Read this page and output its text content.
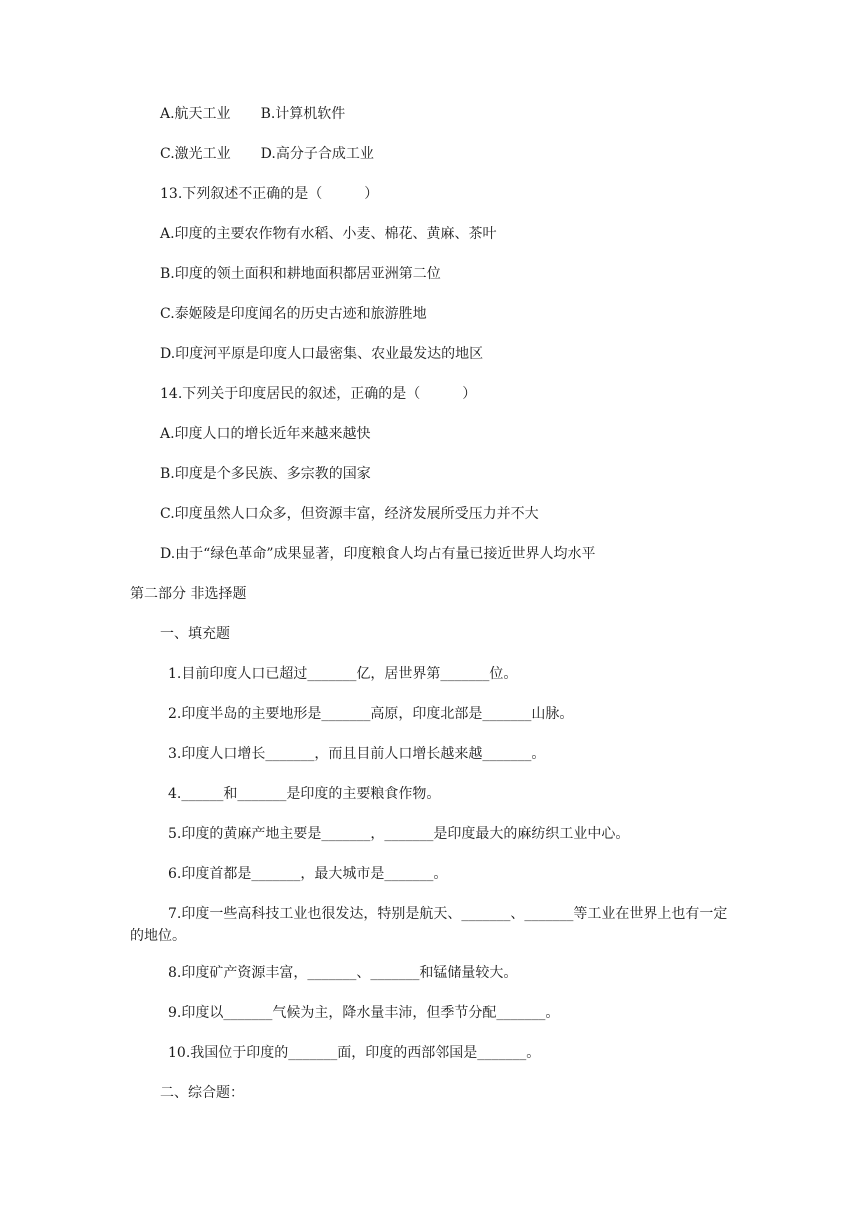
A.航天工业 B.计算机软件

C.激光工业 D.高分子合成工业

13.下列叙述不正确的是（　　　）

A.印度的主要农作物有水稻、小麦、棉花、黄麻、茶叶

B.印度的领土面积和耕地面积都居亚洲第二位

C.泰姬陵是印度闻名的历史古迹和旅游胜地

D.印度河平原是印度人口最密集、农业最发达的地区

14.下列关于印度居民的叙述，正确的是（　　　）

A.印度人口的增长近年来越来越快

B.印度是个多民族、多宗教的国家

C.印度虽然人口众多，但资源丰富，经济发展所受压力并不大

D.由于“绿色革命”成果显著，印度粮食人均占有量已接近世界人均水平

第二部分 非选择题

一、填充题

1.目前印度人口已超过_______亿，居世界第_______位。

2.印度半岛的主要地形是_______高原，印度北部是_______山脉。

3.印度人口增长_______，而且目前人口增长越来越_______。

4.______和_______是印度的主要粮食作物。

5.印度的黄麻产地主要是_______，_______是印度最大的麻纺织工业中心。

6.印度首都是_______，最大城市是_______。

7.印度一些高科技工业也很发达，特别是航天、_______、_______等工业在世界上也有一定的地位。

8.印度矿产资源丰富，_______、_______和锰储量较大。

9.印度以_______气候为主，降水量丰沛，但季节分配_______。

10.我国位于印度的_______面，印度的西部邻国是_______。

二、综合题：
